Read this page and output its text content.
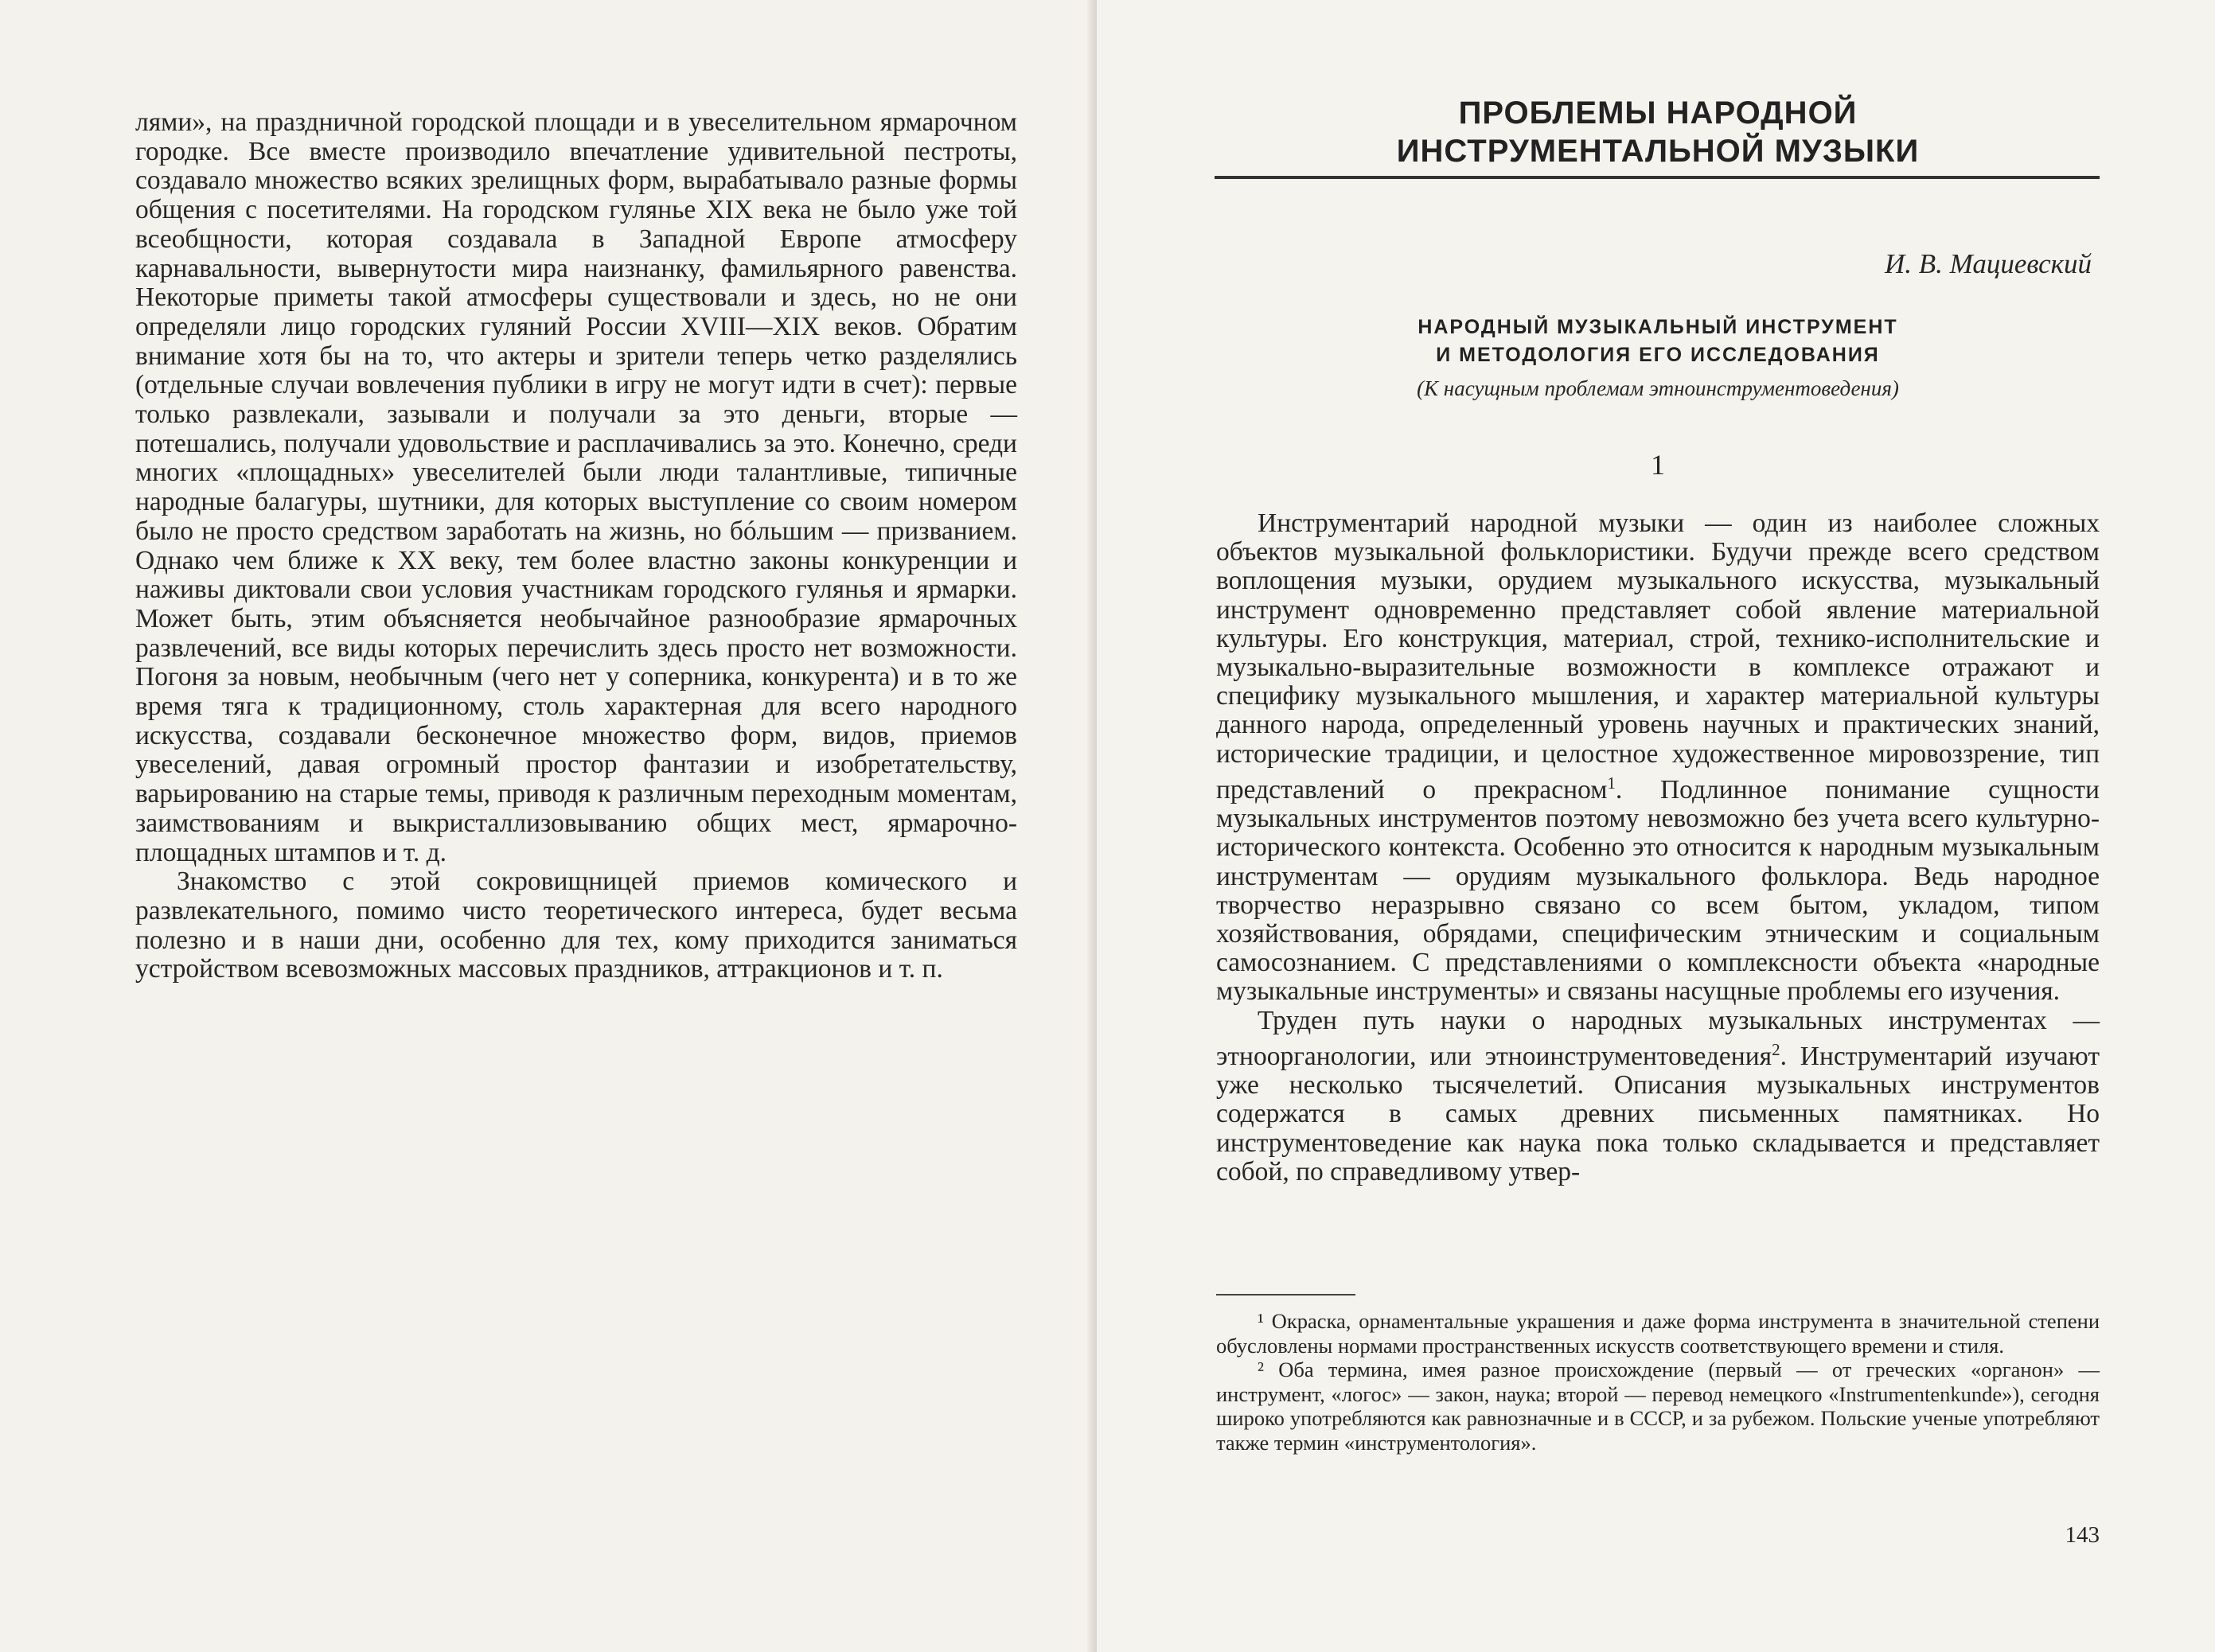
лями», на праздничной городской площади и в увеселительном ярмарочном городке. Все вместе производило впечатление удивительной пестроты, создавало множество всяких зрелищных форм, вырабатывало разные формы общения с посетителями. На городском гулянье XIX века не было уже той всеобщности, которая создавала в Западной Европе атмосферу карнавальности, вывернутости мира наизнанку, фамильярного равенства. Некоторые приметы такой атмосферы существовали и здесь, но не они определяли лицо городских гуляний России XVIII—XIX веков. Обратим внимание хотя бы на то, что актеры и зрители теперь четко разделялись (отдельные случаи вовлечения публики в игру не могут идти в счет): первые только развлекали, зазывали и получали за это деньги, вторые — потешались, получали удовольствие и расплачивались за это. Конечно, среди многих «площадных» увеселителей были люди талантливые, типичные народные балагуры, шутники, для которых выступление со своим номером было не просто средством заработать на жизнь, но бóльшим — призванием. Однако чем ближе к XX веку, тем более властно законы конкуренции и наживы диктовали свои условия участникам городского гулянья и ярмарки. Может быть, этим объясняется необычайное разнообразие ярмарочных развлечений, все виды которых перечислить здесь просто нет возможности. Погоня за новым, необычным (чего нет у соперника, конкурента) и в то же время тяга к традиционному, столь характерная для всего народного искусства, создавали бесконечное множество форм, видов, приемов увеселений, давая огромный простор фантазии и изобретательству, варьированию на старые темы, приводя к различным переходным моментам, заимствованиям и выкристаллизовыванию общих мест, ярмарочно-площадных штампов и т. д.

Знакомство с этой сокровищницей приемов комического и развлекательного, помимо чисто теоретического интереса, будет весьма полезно и в наши дни, особенно для тех, кому приходится заниматься устройством всевозможных массовых праздников, аттракционов и т. п.

ПРОБЛЕМЫ НАРОДНОЙ
ИНСТРУМЕНТАЛЬНОЙ МУЗЫКИ
И. В. Мациевский
НАРОДНЫЙ МУЗЫКАЛЬНЫЙ ИНСТРУМЕНТ
И МЕТОДОЛОГИЯ ЕГО ИССЛЕДОВАНИЯ
(К насущным проблемам этноинструментоведения)
1

Инструментарий народной музыки — один из наиболее сложных объектов музыкальной фольклористики. Будучи прежде всего средством воплощения музыки, орудием музыкального искусства, музыкальный инструмент одновременно представляет собой явление материальной культуры. Его конструкция, материал, строй, технико-исполнительские и музыкально-выразительные возможности в комплексе отражают и специфику музыкального мышления, и характер материальной культуры данного народа, определенный уровень научных и практических знаний, исторические традиции, и целостное художественное мировоззрение, тип представлений о прекрасном$^1$. Подлинное понимание сущности музыкальных инструментов поэтому невозможно без учета всего культурно-исторического контекста. Особенно это относится к народным музыкальным инструментам — орудиям музыкального фольклора. Ведь народное творчество неразрывно связано со всем бытом, укладом, типом хозяйствования, обрядами, специфическим этническим и социальным самосознанием. С представлениями о комплексности объекта «народные музыкальные инструменты» и связаны насущные проблемы его изучения.

Труден путь науки о народных музыкальных инструментах — этноорганологии, или этноинструментоведения$^2$. Инструментарий изучают уже несколько тысячелетий. Описания музыкальных инструментов содержатся в самых древних письменных памятниках. Но инструментоведение как наука пока только складывается и представляет собой, по справедливому утвер-

¹ Окраска, орнаментальные украшения и даже форма инструмента в значительной степени обусловлены нормами пространственных искусств соответствующего времени и стиля.

² Оба термина, имея разное происхождение (первый — от греческих «органон» — инструмент, «логос» — закон, наука; второй — перевод немецкого «Instrumentenkunde»), сегодня широко употребляются как равнозначные и в СССР, и за рубежом. Польские ученые употребляют также термин «инструментология».

143
